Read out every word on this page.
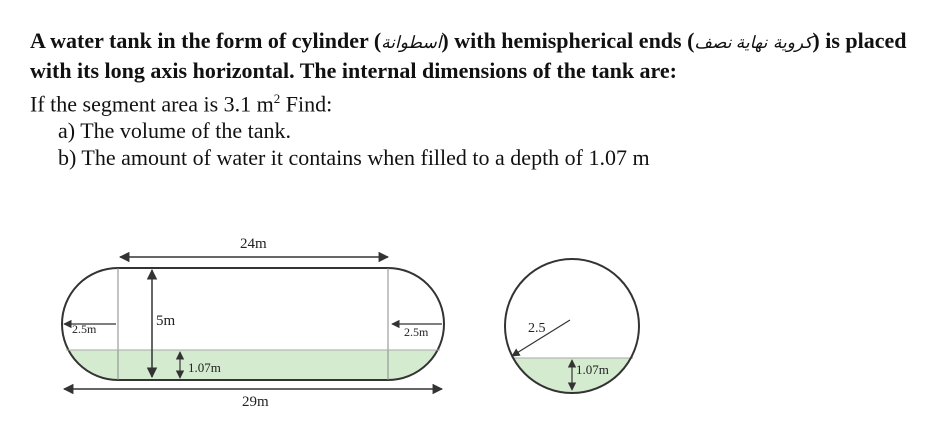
A water tank in the form of cylinder (اسطوانة) with hemispherical ends (نهاية نصف كروية) is placed with its long axis horizontal. The internal dimensions of the tank are:

If the segment area is 3.1 $m^2$ Find:

a) The volume of the tank.

b) The amount of water it contains when filled to a depth of 1.07 m

24m
5m
2.5m	2.5m
1.07m
29m
2.5
1.07m
